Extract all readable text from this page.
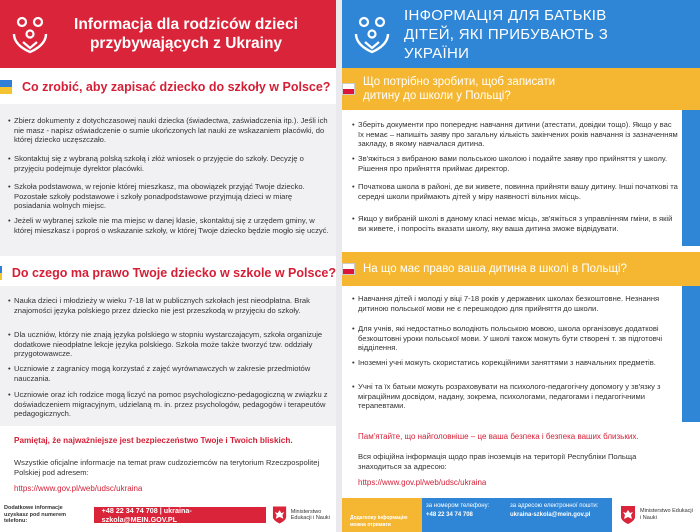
Informacja dla rodziców dzieci przybywających z Ukrainy
Co zrobić, aby zapisać dziecko do szkoły w Polsce?
• Zbierz dokumenty z dotychczasowej nauki dziecka (świadectwa, zaświadczenia itp.). Jeśli ich nie masz - napisz oświadczenie o sumie ukończonych lat nauki ze wskazaniem placówki, do której dziecko uczęszczało.
• Skontaktuj się z wybraną polską szkołą i złóż wniosek o przyjęcie do szkoły. Decyzję o przyjęciu podejmuje dyrektor placówki.
• Szkoła podstawowa, w rejonie której mieszkasz, ma obowiązek przyjąć Twoje dziecko. Pozostałe szkoły podstawowe i szkoły ponadpodstawowe przyjmują dzieci w miarę posiadania wolnych miejsc.
• Jeżeli w wybranej szkole nie ma miejsc w danej klasie, skontaktuj się z urzędem gminy, w której mieszkasz i poproś o wskazanie szkoły, w której Twoje dziecko będzie mogło się uczyć.
Do czego ma prawo Twoje dziecko w szkole w Polsce?
• Nauka dzieci i młodzieży w wieku 7-18 lat w publicznych szkołach jest nieodpłatna. Brak znajomości języka polskiego przez dziecko nie jest przeszkodą w przyjęciu do szkoły.
• Dla uczniów, którzy nie znają języka polskiego w stopniu wystarczającym, szkoła organizuje dodatkowe nieodpłatne lekcje języka polskiego. Szkoła może także tworzyć tzw. oddziały przygotowawcze.
• Uczniowie z zagranicy mogą korzystać z zajęć wyrównawczych w zakresie przedmiotów nauczania.
• Uczniowie oraz ich rodzice mogą liczyć na pomoc psychologiczno-pedagogiczną w związku z doświadczeniem migracyjnym, udzielaną m. in. przez psychologów, pedagogów i terapeutów pedagogicznych.
Pamiętaj, że najważniejsze jest bezpieczeństwo Twoje i Twoich bliskich.
Wszystkie oficjalne informacje na temat praw cudzoziemców na terytorium Rzeczpospolitej Polskiej pod adresem:
https://www.gov.pl/web/udsc/ukraina
Dodatkowe informacje uzyskasz pod numerem telefonu:
+48 22 34 74 708 | ukraina-szkola@MEIN.GOV.PL
Ministerstwo Edukacji i Nauki
ІНФОРМАЦІЯ ДЛЯ БАТЬКІВ ДІТЕЙ, ЯКІ ПРИБУВАЮТЬ З УКРАЇНИ
Що потрібно зробити, щоб записати дитину до школи у Польщі?
• Зберіть документи про попереднє навчання дитини (атестати, довідки тощо). Якщо у вас їх немає – напишіть заяву про загальну кількість закінчених років навчання із зазначенням закладу, в якому навчалася дитина.
• Зв'яжіться з вибраною вами польською школою і подайте заяву про прийняття у школу. Рішення про прийняття приймає директор.
• Початкова школа в районі, де ви живете, повинна прийняти вашу дитину. Інші початкові та середні школи приймають дітей у міру наявності вільних місць.
• Якщо у вибраній школі в даному класі немає місць, зв'яжіться з управлінням гміни, в якій ви живете, і попросіть вказати школу, яку ваша дитина зможе відвідувати.
На що має право ваша дитина в школі в Польщі?
• Навчання дітей і молоді у віці 7-18 років у державних школах безкоштовне. Незнання дитиною польської мови не є перешкодою для прийняття до школи.
• Для учнів, які недостатньо володіють польською мовою, школа організовує додаткові безкоштовні уроки польської мови. У школі також можуть бути створені т. зв підготовчі відділення.
• Іноземні учні можуть скористатись корекційними заняттями з навчальних предметів.
• Учні та їх батьки можуть розраховувати на психолого-педагогічну допомогу у зв'язку з міграційним досвідом, надану, зокрема, психологами, педагогами і педагогічними терапевтами.
Пам'ятайте, що найголовніше – це ваша безпека і безпека ваших близьких.
Вся офіційна інформація щодо прав іноземців на території Республіки Польща знаходиться за адресою:
https://www.gov.pl/web/udsc/ukraina
Додаткову інформацію можна отримати
за номером телефону:
+48 22 34 74 708
за адресою електронної пошти:
ukraina-szkola@mein.gov.pl
Ministerstwo Edukacji i Nauki
